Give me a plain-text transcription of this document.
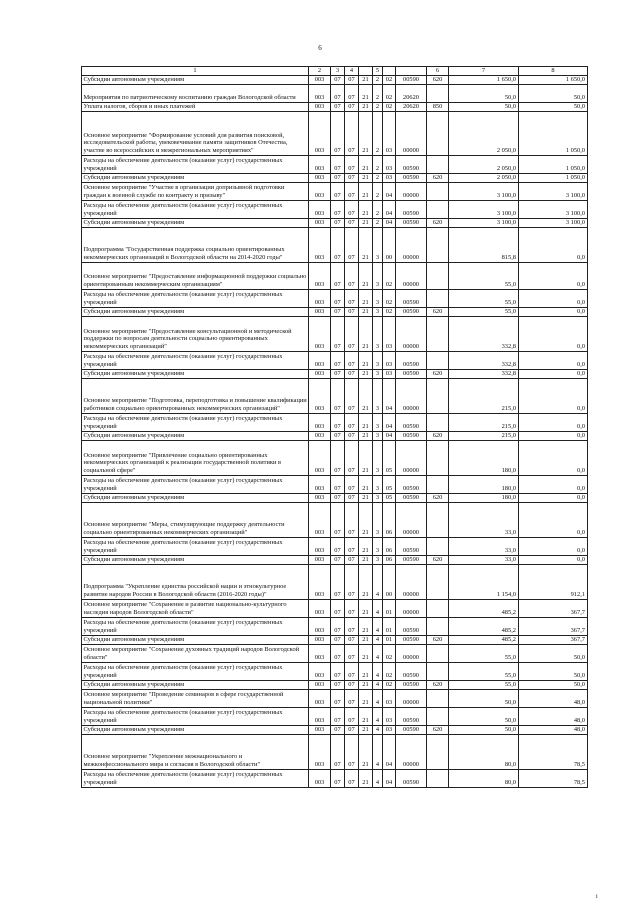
6
1	2	3	4		5			6	7	8
Субсидии автономным учреждениям	003	07	07	21	2	02	00590	620	1 650,0	1 650,0
Мероприятия по патриотическому воспитанию граждан Вологодской области	003	07	07	21	2	02	20620		50,0	50,0
Уплата налогов, сборов и иных платежей	003	07	07	21	2	02	20620	850	50,0	50,0
Основное мероприятие "Формирование условий для развития поисковой, исследовательской работы, увековечивание памяти защитников Отечества, участие во всероссийских и межрегиональных мероприятиях"	003	07	07	21	2	03	00000		2 050,0	1 050,0
Расходы на обеспечение деятельности (оказание услуг) государственных учреждений	003	07	07	21	2	03	00590		2 050,0	1 050,0
Субсидии автономным учреждениям	003	07	07	21	2	03	00590	620	2 050,0	1 050,0
Основное мероприятие "Участие в организации допризывной подготовки граждан к военной службе по контракту и призыву"	003	07	07	21	2	04	00000		3 100,0	3 100,0
Расходы на обеспечение деятельности (оказание услуг) государственных учреждений	003	07	07	21	2	04	00590		3 100,0	3 100,0
Субсидии автономным учреждениям	003	07	07	21	2	04	00590	620	3 100,0	3 100,0
Подпрограмма "Государственная поддержка социально ориентированных некоммерческих организаций в Вологодской области на 2014-2020 годы"	003	07	07	21	3	00	00000		815,8	0,0
Основное мероприятие "Предоставление информационной поддержки социально ориентированным некоммерческим организациям"	003	07	07	21	3	02	00000		55,0	0,0
Расходы на обеспечение деятельности (оказание услуг) государственных учреждений	003	07	07	21	3	02	00590		55,0	0,0
Субсидии автономным учреждениям	003	07	07	21	3	02	00590	620	55,0	0,0
Основное мероприятие "Предоставление консультационной и методической поддержки по вопросам деятельности социально ориентированных некоммерческих организаций"	003	07	07	21	3	03	00000		332,8	0,0
Расходы на обеспечение деятельности (оказание услуг) государственных учреждений	003	07	07	21	3	03	00590		332,8	0,0
Субсидии автономным учреждениям	003	07	07	21	3	03	00590	620	332,8	0,0
Основное мероприятие "Подготовка, переподготовка и повышение квалификации работников социально ориентированных некоммерческих организаций"	003	07	07	21	3	04	00000		215,0	0,0
Расходы на обеспечение деятельности (оказание услуг) государственных учреждений	003	07	07	21	3	04	00590		215,0	0,0
Субсидии автономным учреждениям	003	07	07	21	3	04	00590	620	215,0	0,0
Основное мероприятие "Привлечение социально ориентированных некоммерческих организаций к реализации государственной политики в социальной сфере"	003	07	07	21	3	05	00000		180,0	0,0
Расходы на обеспечение деятельности (оказание услуг) государственных учреждений	003	07	07	21	3	05	00590		180,0	0,0
Субсидии автономным учреждениям	003	07	07	21	3	05	00590	620	180,0	0,0
Основное мероприятие "Меры, стимулирующие поддержку деятельности социально ориентированных некоммерческих организаций"	003	07	07	21	3	06	00000		33,0	0,0
Расходы на обеспечение деятельности (оказание услуг) государственных учреждений	003	07	07	21	3	06	00590		33,0	0,0
Субсидии автономным учреждениям	003	07	07	21	3	06	00590	620	33,0	0,0
Подпрограмма "Укрепление единства российской нации и этнокультурное развитие народов России в Вологодской области (2016-2020 годы)"	003	07	07	21	4	00	00000		1 154,0	912,1
Основное мероприятие "Сохранение и развитие национально-культурного наследия народов Вологодской области"	003	07	07	21	4	01	00000		485,2	367,7
Расходы на обеспечение деятельности (оказание услуг) государственных учреждений	003	07	07	21	4	01	00590		485,2	367,7
Субсидии автономным учреждениям	003	07	07	21	4	01	00590	620	485,2	367,7
Основное мероприятие "Сохранение духовных традиций народов Вологодской области"	003	07	07	21	4	02	00000		55,0	50,0
Расходы на обеспечение деятельности (оказание услуг) государственных учреждений	003	07	07	21	4	02	00590		55,0	50,0
Субсидии автономным учреждениям	003	07	07	21	4	02	00590	620	55,0	50,0
Основное мероприятие "Проведение семинаров в сфере государственной национальной политики"	003	07	07	21	4	03	00000		50,0	48,0
Расходы на обеспечение деятельности (оказание услуг) государственных учреждений	003	07	07	21	4	03	00590		50,0	48,0
Субсидии автономным учреждениям	003	07	07	21	4	03	00590	620	50,0	48,0
Основное мероприятие "Укрепление межнационального и межконфессионального мира и согласия в Вологодской области"	003	07	07	21	4	04	00000		80,0	78,5
Расходы на обеспечение деятельности (оказание услуг) государственных учреждений	003	07	07	21	4	04	00590		80,0	78,5
i
